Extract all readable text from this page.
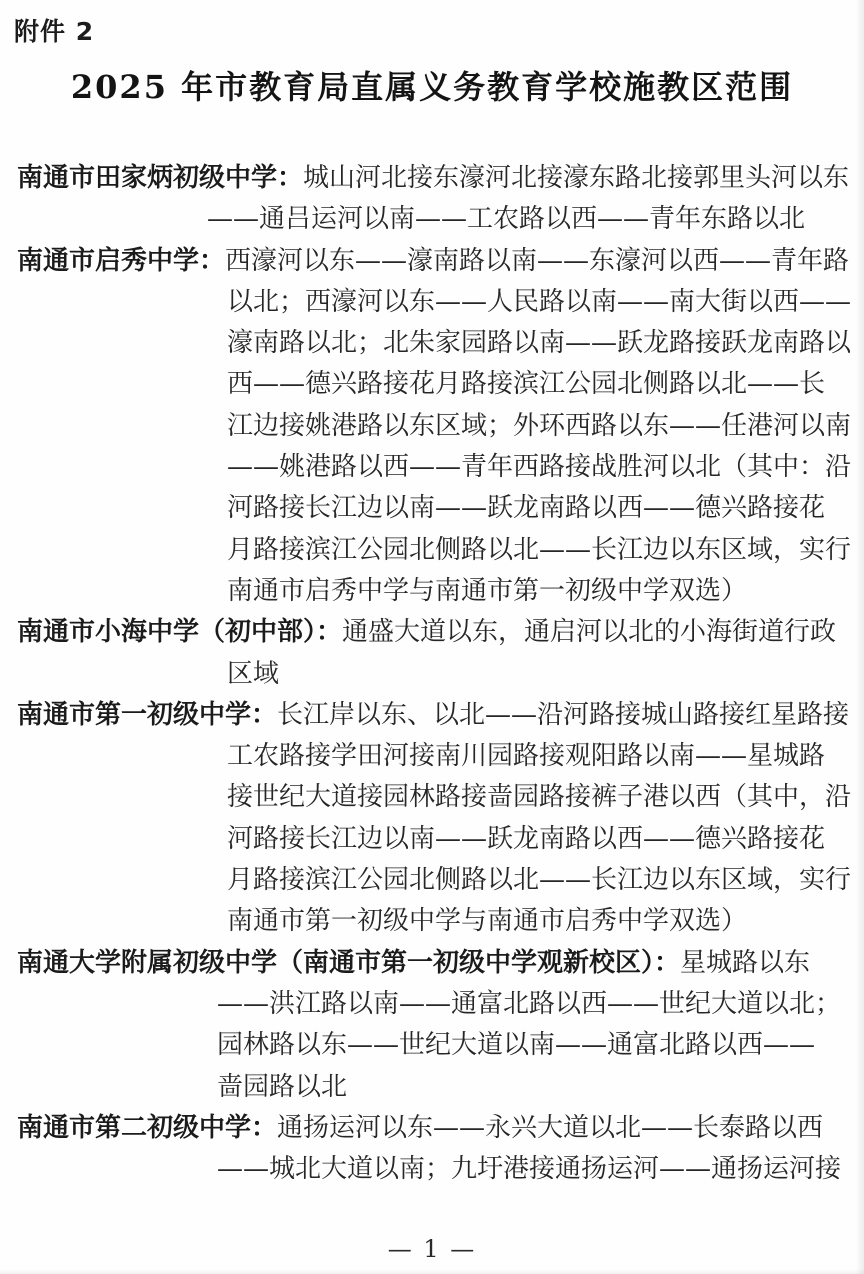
附件 2
2025 年市教育局直属义务教育学校施教区范围
南通市田家炳初级中学：城山河北接东濠河北接濠东路北接郭里头河以东
——通吕运河以南——工农路以西——青年东路以北
南通市启秀中学：西濠河以东——濠南路以南——东濠河以西——青年路
以北；西濠河以东——人民路以南——南大街以西——
濠南路以北；北朱家园路以南——跃龙路接跃龙南路以
西——德兴路接花月路接滨江公园北侧路以北——长
江边接姚港路以东区域；外环西路以东——任港河以南
——姚港路以西——青年西路接战胜河以北（其中：沿
河路接长江边以南——跃龙南路以西——德兴路接花
月路接滨江公园北侧路以北——长江边以东区域，实行
南通市启秀中学与南通市第一初级中学双选）
南通市小海中学（初中部）：通盛大道以东，通启河以北的小海街道行政
区域
南通市第一初级中学：长江岸以东、以北——沿河路接城山路接红星路接
工农路接学田河接南川园路接观阳路以南——星城路
接世纪大道接园林路接啬园路接裤子港以西（其中，沿
河路接长江边以南——跃龙南路以西——德兴路接花
月路接滨江公园北侧路以北——长江边以东区域，实行
南通市第一初级中学与南通市启秀中学双选）
南通大学附属初级中学（南通市第一初级中学观新校区）：星城路以东
——洪江路以南——通富北路以西——世纪大道以北；
园林路以东——世纪大道以南——通富北路以西——
啬园路以北
南通市第二初级中学：通扬运河以东——永兴大道以北——长泰路以西
——城北大道以南；九圩港接通扬运河——通扬运河接
— 1 —
